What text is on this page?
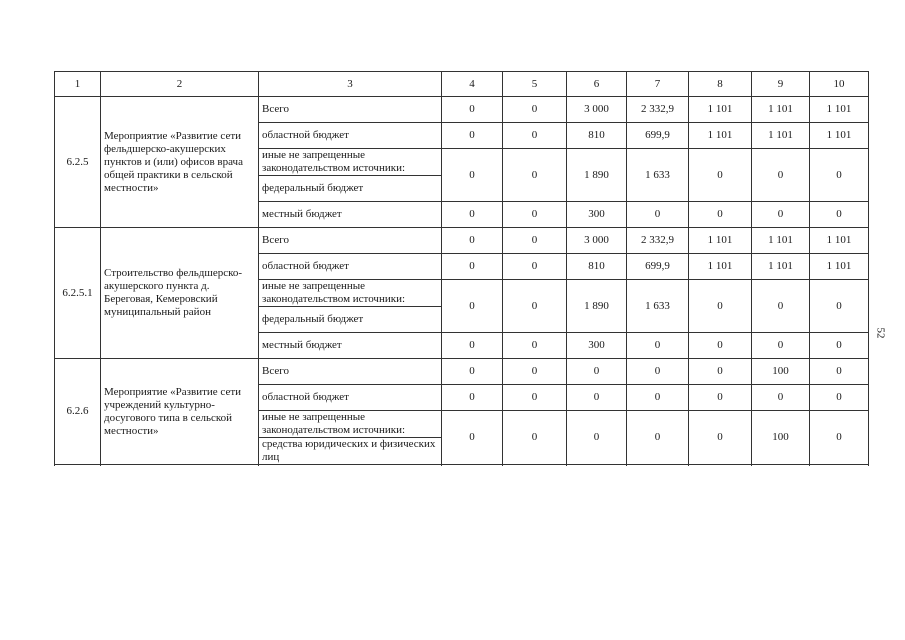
1	2	3	4	5	6	7	8	9	10
6.2.5	Мероприятие «Развитие сети фельдшерско-акушерских пунктов и (или) офисов врача общей практики в сельской местности»	Всего	0	0	3 000	2 332,9	1 101	1 101	1 101
		областной бюджет	0	0	810	699,9	1 101	1 101	1 101
		иные не запрещенные законодательством источники:	0	0	1 890	1 633	0	0	0
		федеральный бюджет							

		местный бюджет	0	0	300	0	0	0	0
6.2.5.1	Строительство фельдшерско-акушерского пункта д. Береговая, Кемеровский муниципальный район	Всего	0	0	3 000	2 332,9	1 101	1 101	1 101
		областной бюджет	0	0	810	699,9	1 101	1 101	1 101
		иные не запрещенные законодательством источники:	0	0	1 890	1 633	0	0	0
		федеральный бюджет							

		местный бюджет	0	0	300	0	0	0	0
6.2.6	Мероприятие «Развитие сети учреждений культурно-досугового типа в сельской местности»	Всего	0	0	0	0	0	100	0
		областной бюджет	0	0	0	0	0	0	0
		иные не запрещенные законодательством источники:	0	0	0	0	0	100	0
		средства юридических и физических лиц							

52
